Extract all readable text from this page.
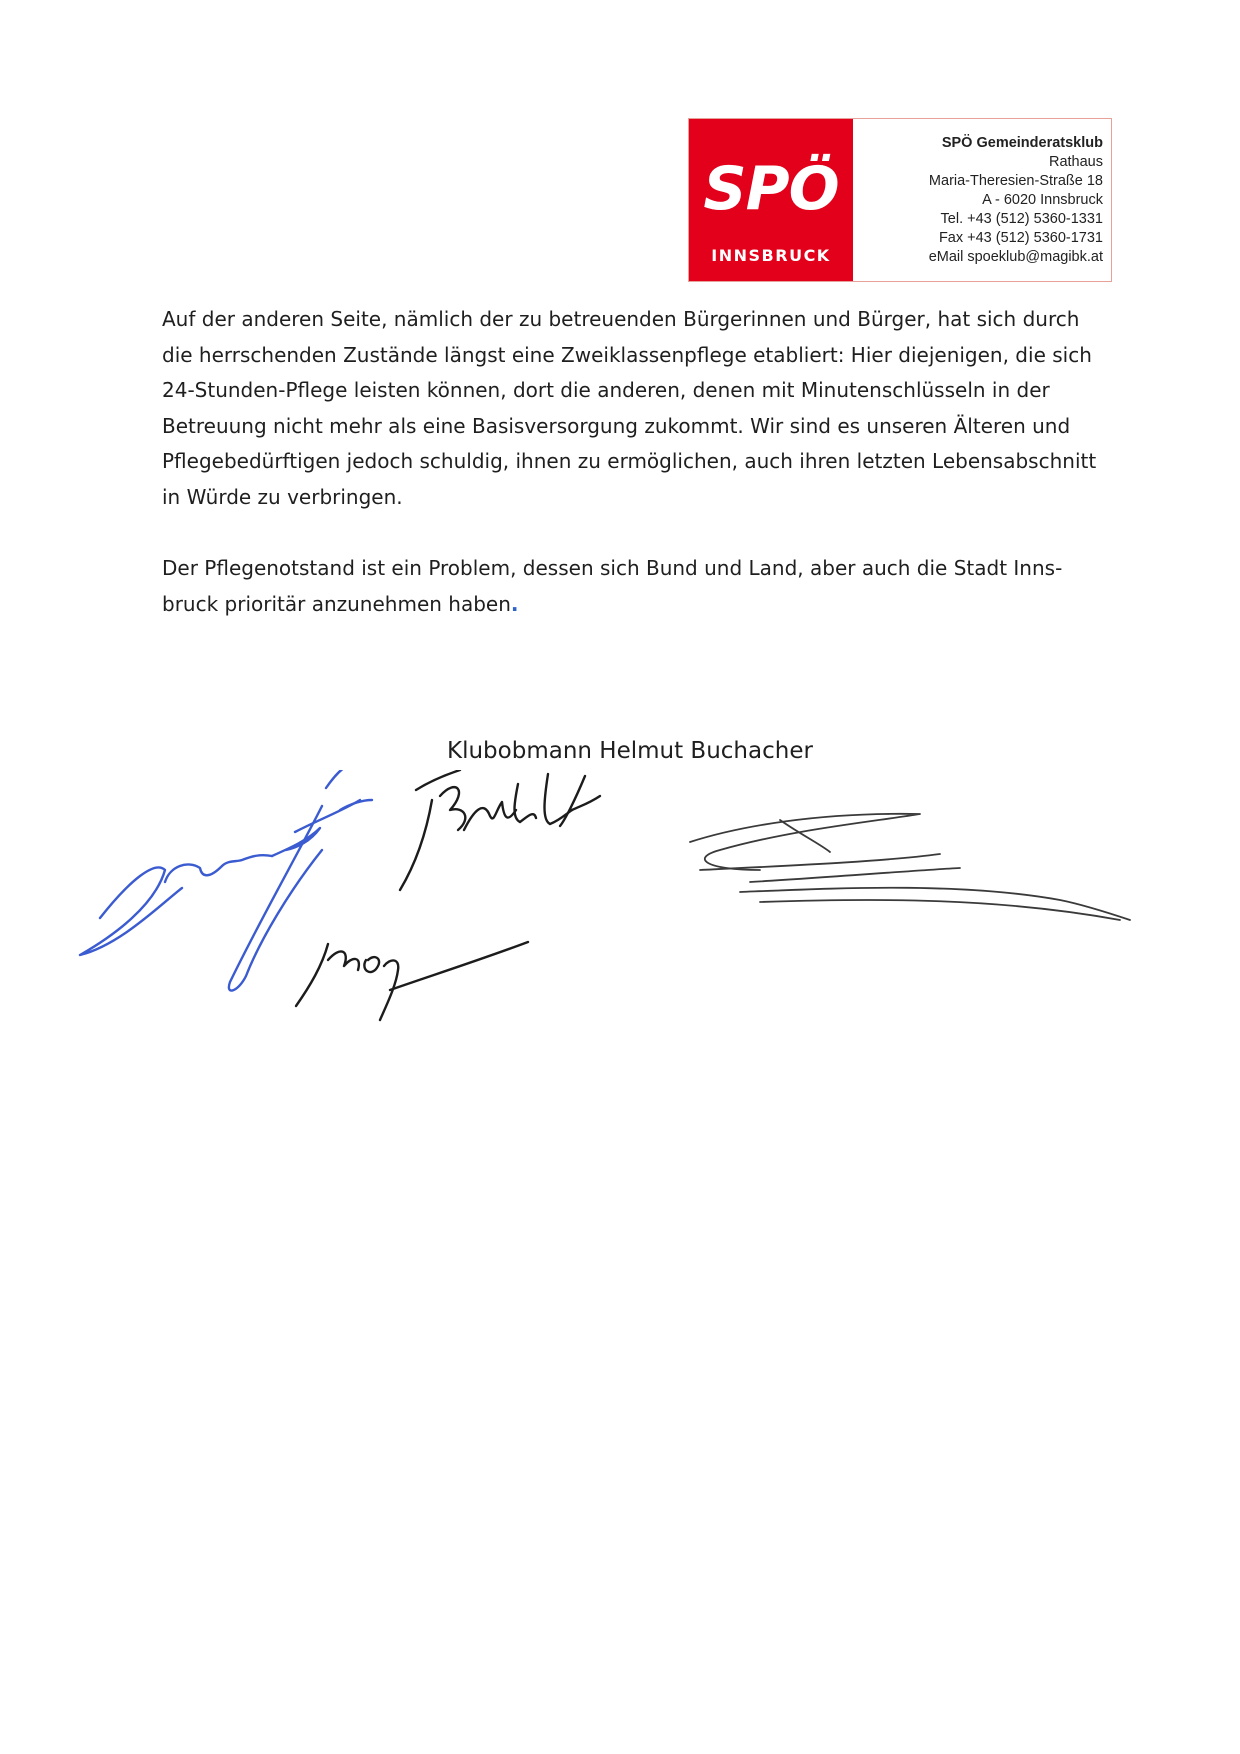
SPÖ
INNSBRUCK
SPÖ Gemeinderatsklub
Rathaus
Maria-Theresien-Straße 18
A - 6020 Innsbruck
Tel. +43 (512) 5360-1331
Fax +43 (512) 5360-1731
eMail spoeklub@magibk.at

Auf der anderen Seite, nämlich der zu betreuenden Bürgerinnen und Bürger, hat sich durch
die herrschenden Zustände längst eine Zweiklassenpflege etabliert: Hier diejenigen, die sich
24-Stunden-Pflege leisten können, dort die anderen, denen mit Minutenschlüsseln in der
Betreuung nicht mehr als eine Basisversorgung zukommt. Wir sind es unseren Älteren und
Pflegebedürftigen jedoch schuldig, ihnen zu ermöglichen, auch ihren letzten Lebensabschnitt
in Würde zu verbringen.

Der Pflegenotstand ist ein Problem, dessen sich Bund und Land, aber auch die Stadt Inns-
bruck prioritär anzunehmen haben.

Klubobmann Helmut Buchacher
